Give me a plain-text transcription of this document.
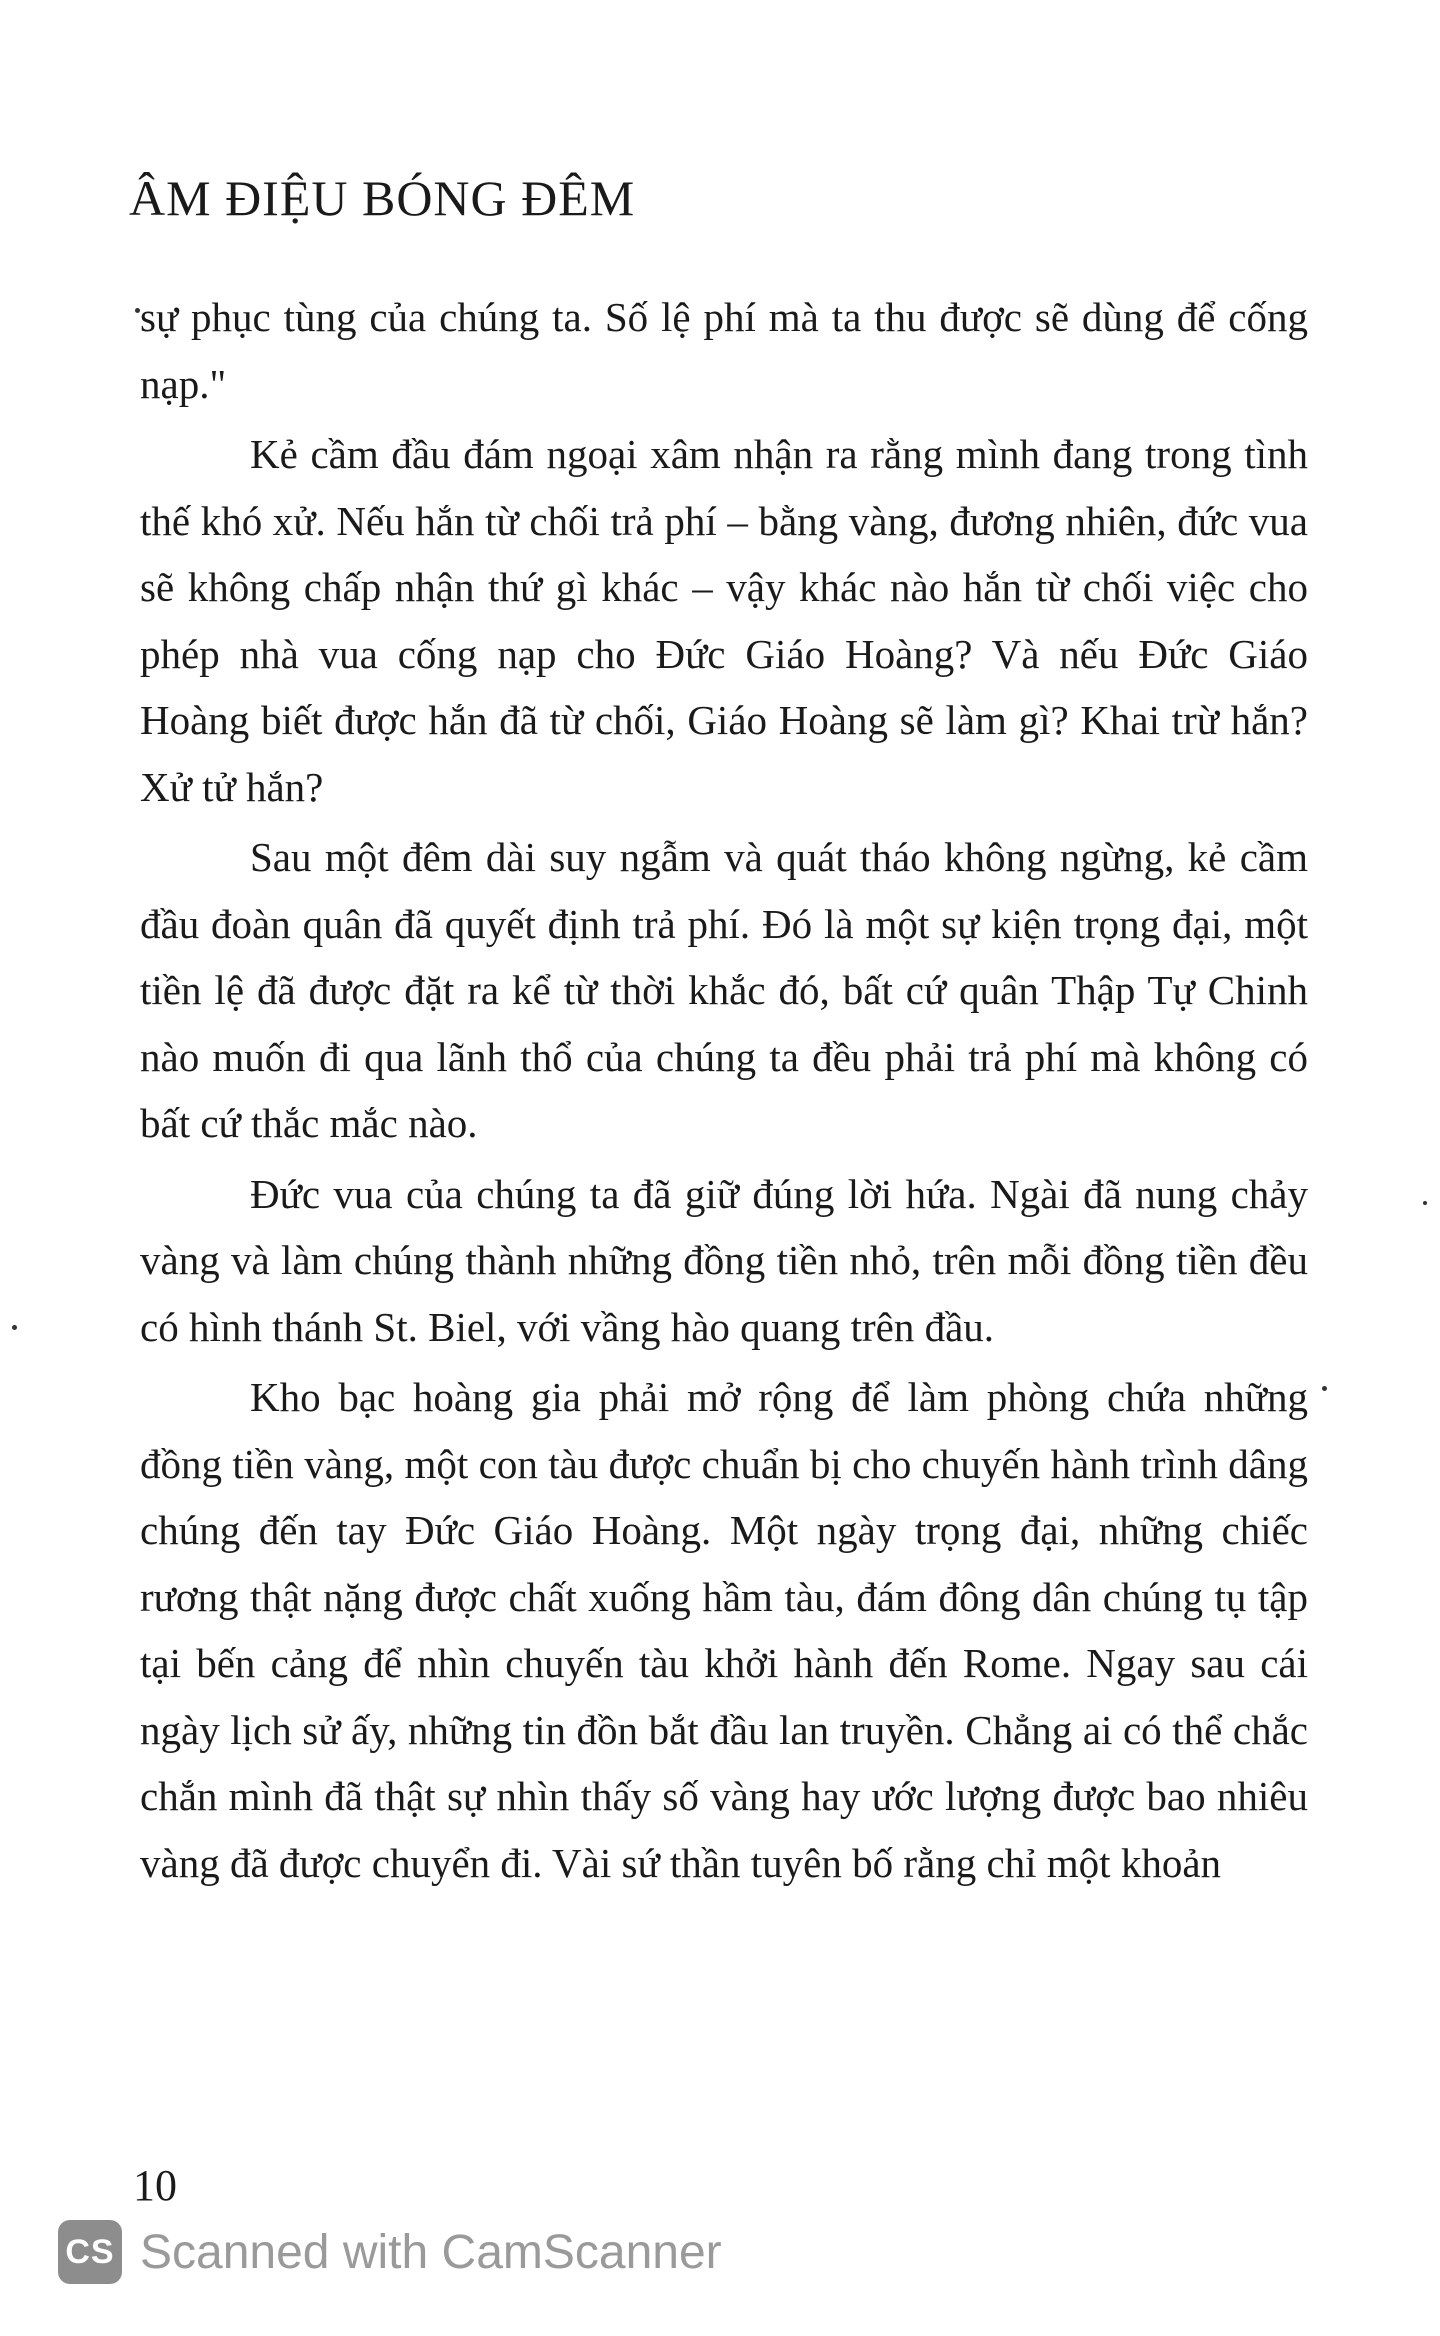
ÂM ĐIỆU BÓNG ĐÊM

sự phục tùng của chúng ta. Số lệ phí mà ta thu được sẽ dùng để cống nạp."

Kẻ cầm đầu đám ngoại xâm nhận ra rằng mình đang trong tình thế khó xử. Nếu hắn từ chối trả phí – bằng vàng, đương nhiên, đức vua sẽ không chấp nhận thứ gì khác – vậy khác nào hắn từ chối việc cho phép nhà vua cống nạp cho Đức Giáo Hoàng? Và nếu Đức Giáo Hoàng biết được hắn đã từ chối, Giáo Hoàng sẽ làm gì? Khai trừ hắn? Xử tử hắn?

Sau một đêm dài suy ngẫm và quát tháo không ngừng, kẻ cầm đầu đoàn quân đã quyết định trả phí. Đó là một sự kiện trọng đại, một tiền lệ đã được đặt ra kể từ thời khắc đó, bất cứ quân Thập Tự Chinh nào muốn đi qua lãnh thổ của chúng ta đều phải trả phí mà không có bất cứ thắc mắc nào.

Đức vua của chúng ta đã giữ đúng lời hứa. Ngài đã nung chảy vàng và làm chúng thành những đồng tiền nhỏ, trên mỗi đồng tiền đều có hình thánh St. Biel, với vầng hào quang trên đầu.

Kho bạc hoàng gia phải mở rộng để làm phòng chứa những đồng tiền vàng, một con tàu được chuẩn bị cho chuyến hành trình dâng chúng đến tay Đức Giáo Hoàng. Một ngày trọng đại, những chiếc rương thật nặng được chất xuống hầm tàu, đám đông dân chúng tụ tập tại bến cảng để nhìn chuyến tàu khởi hành đến Rome. Ngay sau cái ngày lịch sử ấy, những tin đồn bắt đầu lan truyền. Chẳng ai có thể chắc chắn mình đã thật sự nhìn thấy số vàng hay ước lượng được bao nhiêu vàng đã được chuyển đi. Vài sứ thần tuyên bố rằng chỉ một khoản

10
CS Scanned with CamScanner
